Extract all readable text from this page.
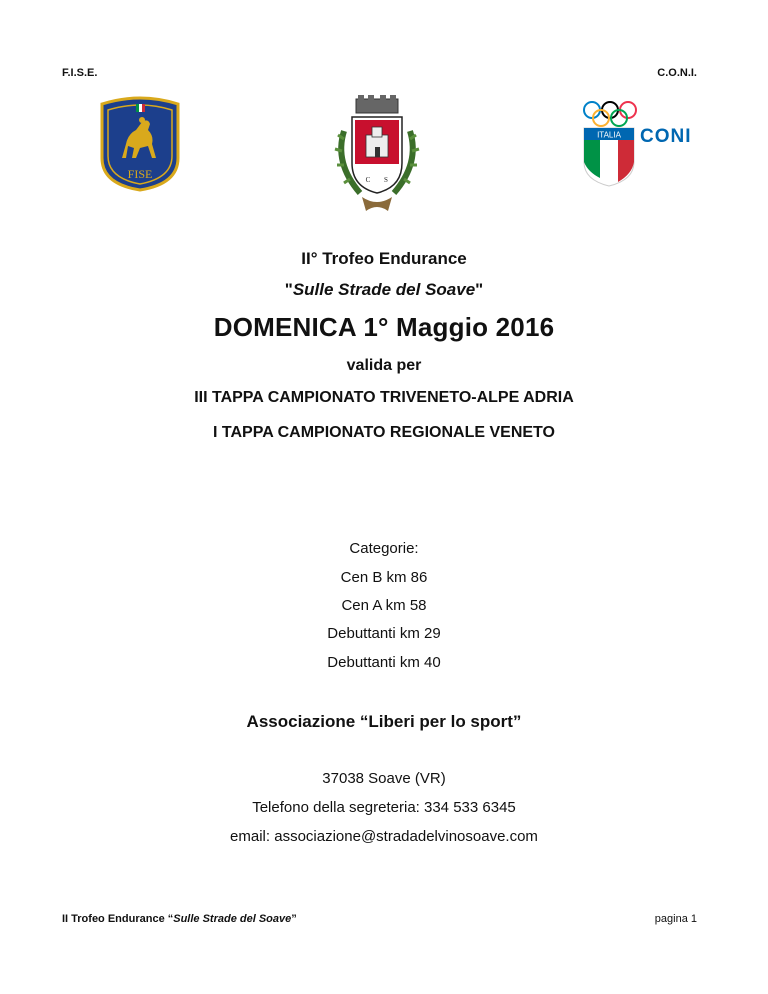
F.I.S.E.	C.O.N.I.
FISE	C S
ITALIA CONI
II° Trofeo Endurance
"Sulle Strade del Soave"
DOMENICA 1° Maggio 2016
valida per
III TAPPA CAMPIONATO TRIVENETO-ALPE ADRIA
I TAPPA CAMPIONATO REGIONALE VENETO
Categorie:
Cen B km 86
Cen A km 58
Debuttanti km 29
Debuttanti km 40
Associazione “Liberi per lo sport”
37038 Soave (VR)
Telefono della segreteria: 334 533 6345
email: associazione@stradadelvinosoave.com
II Trofeo Endurance “Sulle Strade del Soave”	pagina 1
